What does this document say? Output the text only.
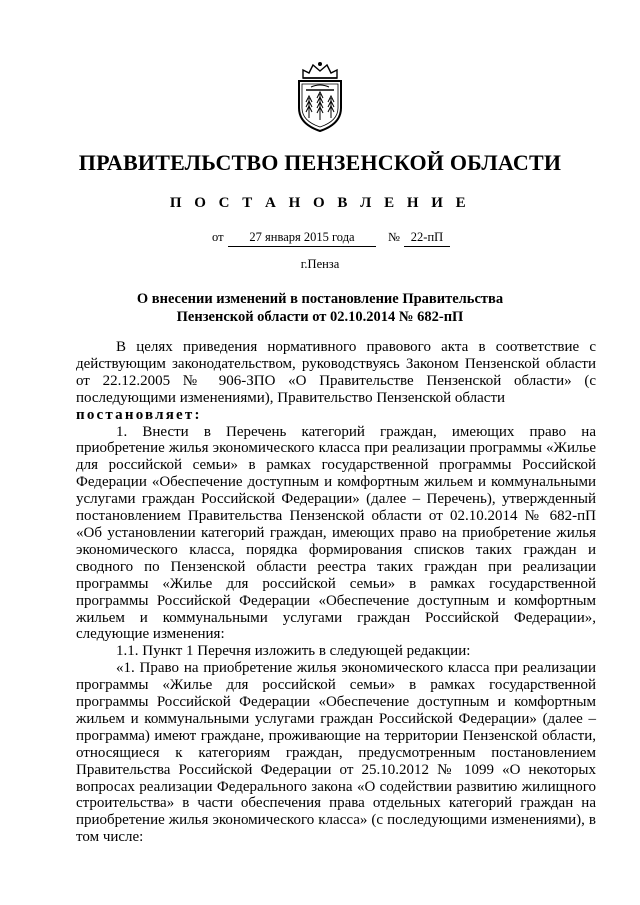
ПРАВИТЕЛЬСТВО ПЕНЗЕНСКОЙ ОБЛАСТИ
П О С Т А Н О В Л Е Н И Е
от	27 января 2015 года	№ 22-пП
г.Пенза
О внесении изменений в постановление Правительства Пензенской области от 02.10.2014 № 682-пП

В целях приведения нормативного правового акта в соответствие с действующим законодательством, руководствуясь Законом Пензенской области от 22.12.2005 № 906-ЗПО «О Правительстве Пензенской области» (с последующими изменениями), Правительство Пензенской области

постановляет:

1. Внести в Перечень категорий граждан, имеющих право на приобретение жилья экономического класса при реализации программы «Жилье для российской семьи» в рамках государственной программы Российской Федерации «Обеспечение доступным и комфортным жильем и коммунальными услугами граждан Российской Федерации» (далее – Перечень), утвержденный постановлением Правительства Пензенской области от 02.10.2014 № 682-пП «Об установлении категорий граждан, имеющих право на приобретение жилья экономического класса, порядка формирования списков таких граждан и сводного по Пензенской области реестра таких граждан при реализации программы «Жилье для российской семьи» в рамках государственной программы Российской Федерации «Обеспечение доступным и комфортным жильем и коммунальными услугами граждан Российской Федерации», следующие изменения:

1.1. Пункт 1 Перечня изложить в следующей редакции:

«1. Право на приобретение жилья экономического класса при реализации программы «Жилье для российской семьи» в рамках государственной программы Российской Федерации «Обеспечение доступным и комфортным жильем и коммунальными услугами граждан Российской Федерации» (далее – программа) имеют граждане, проживающие на территории Пензенской области, относящиеся к категориям граждан, предусмотренным постановлением Правительства Российской Федерации от 25.10.2012 № 1099 «О некоторых вопросах реализации Федерального закона «О содействии развитию жилищного строительства» в части обеспечения права отдельных категорий граждан на приобретение жилья экономического класса» (с последующими изменениями), в том числе:
